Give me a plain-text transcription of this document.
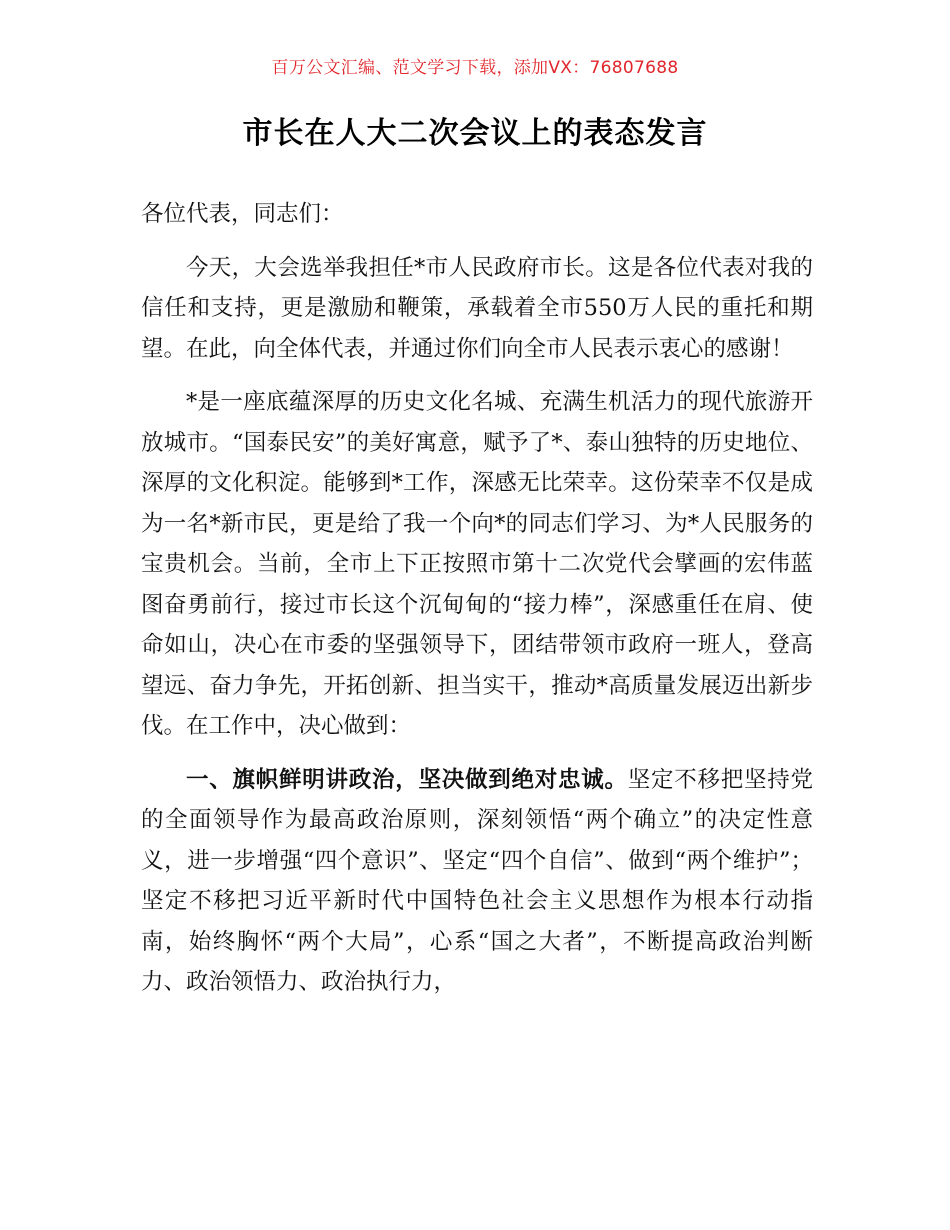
百万公文汇编、范文学习下载，添加VX：76807688
市长在人大二次会议上的表态发言

各位代表，同志们：

今天，大会选举我担任*市人民政府市长。这是各位代表对我的信任和支持，更是激励和鞭策，承载着全市550万人民的重托和期望。在此，向全体代表，并通过你们向全市人民表示衷心的感谢！

*是一座底蕴深厚的历史文化名城、充满生机活力的现代旅游开放城市。“国泰民安”的美好寓意，赋予了*、泰山独特的历史地位、深厚的文化积淀。能够到*工作，深感无比荣幸。这份荣幸不仅是成为一名*新市民，更是给了我一个向*的同志们学习、为*人民服务的宝贵机会。当前，全市上下正按照市第十二次党代会擘画的宏伟蓝图奋勇前行，接过市长这个沉甸甸的“接力棒”，深感重任在肩、使命如山，决心在市委的坚强领导下，团结带领市政府一班人，登高望远、奋力争先，开拓创新、担当实干，推动*高质量发展迈出新步伐。在工作中，决心做到：

一、旗帜鲜明讲政治，坚决做到绝对忠诚。坚定不移把坚持党的全面领导作为最高政治原则，深刻领悟“两个确立”的决定性意义，进一步增强“四个意识”、坚定“四个自信”、做到“两个维护”；坚定不移把习近平新时代中国特色社会主义思想作为根本行动指南，始终胸怀“两个大局”，心系“国之大者”，不断提高政治判断力、政治领悟力、政治执行力，
